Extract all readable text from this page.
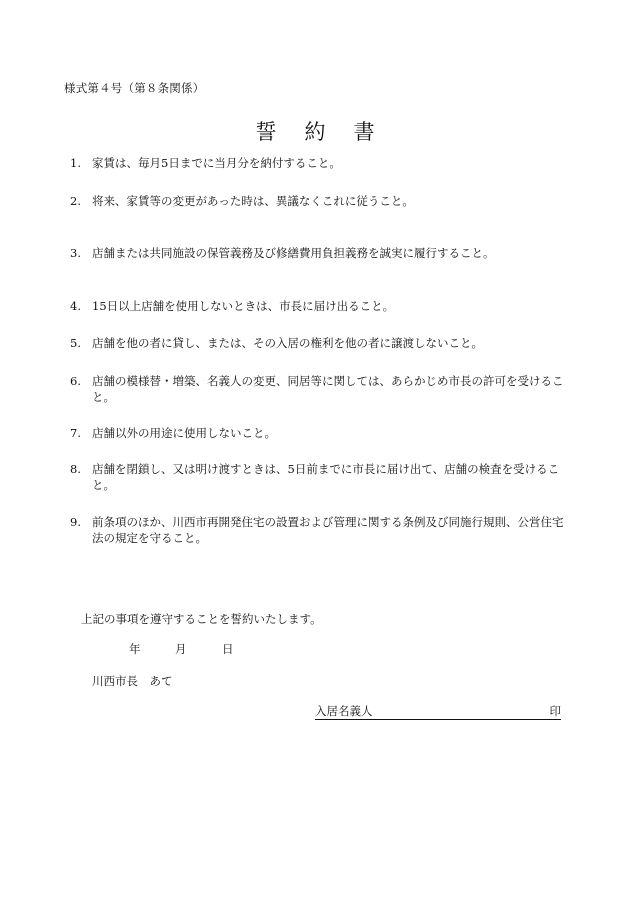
様式第４号（第８条関係）
誓 約 書
1. 家賃は、毎月5日までに当月分を納付すること。
2. 将来、家賃等の変更があった時は、異議なくこれに従うこと。
3. 店舗または共同施設の保管義務及び修繕費用負担義務を誠実に履行すること。
4. 15日以上店舗を使用しないときは、市長に届け出ること。
5. 店舗を他の者に貸し、または、その入居の権利を他の者に譲渡しないこと。
6. 店舗の模様替・増築、名義人の変更、同居等に関しては、あらかじめ市長の許可を受けること。
7. 店舗以外の用途に使用しないこと。
8. 店舗を閉鎖し、又は明け渡すときは、5日前までに市長に届け出て、店舗の検査を受けること。
9. 前条項のほか、川西市再開発住宅の設置および管理に関する条例及び同施行規則、公営住宅法の規定を守ること。
上記の事項を遵守することを誓約いたします。
年	月	日
川西市長　あて
入居名義人	印
